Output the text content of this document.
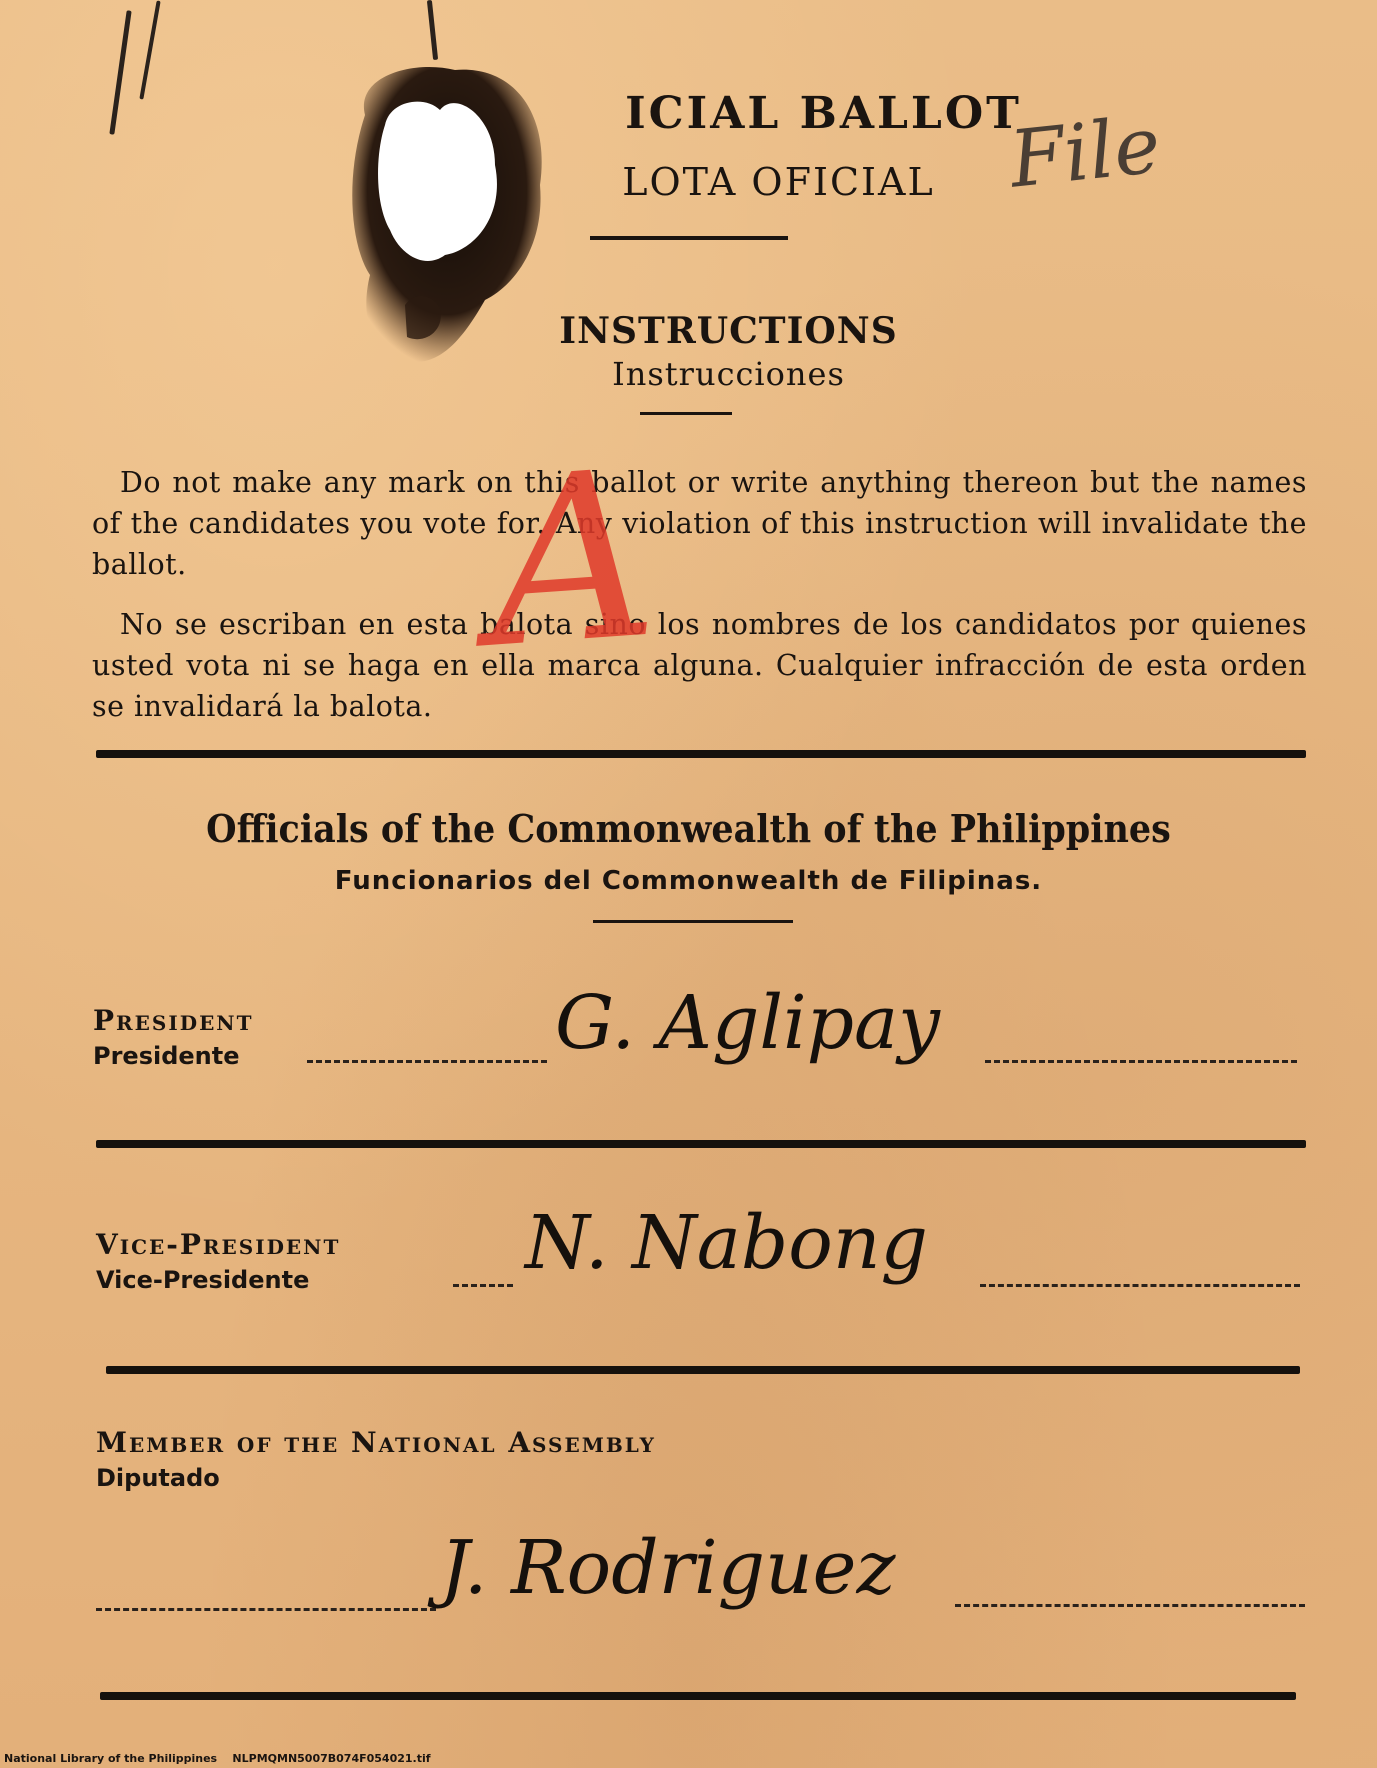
ICIAL BALLOT
LOTA OFICIAL File
INSTRUCTIONS
Instrucciones
Do not make any mark on this ballot or write anything thereon but the names of the candidates you vote for. Any violation of this instruction will invalidate the ballot.
No se escriban en esta balota sino los nombres de los candidatos por quienes usted vota ni se haga en ella marca alguna. Cualquier infracción de esta orden se invalidará la balota.
A
Officials of the Commonwealth of the Philippines
Funcionarios del Commonwealth de Filipinas.
President
Presidente	G. Aglipay
Vice-President
Vice-Presidente	N. Nabong
Member of the National Assembly
Diputado
J. Rodriguez
National Library of the Philippines    NLPMQMN5007B074F054021.tif
